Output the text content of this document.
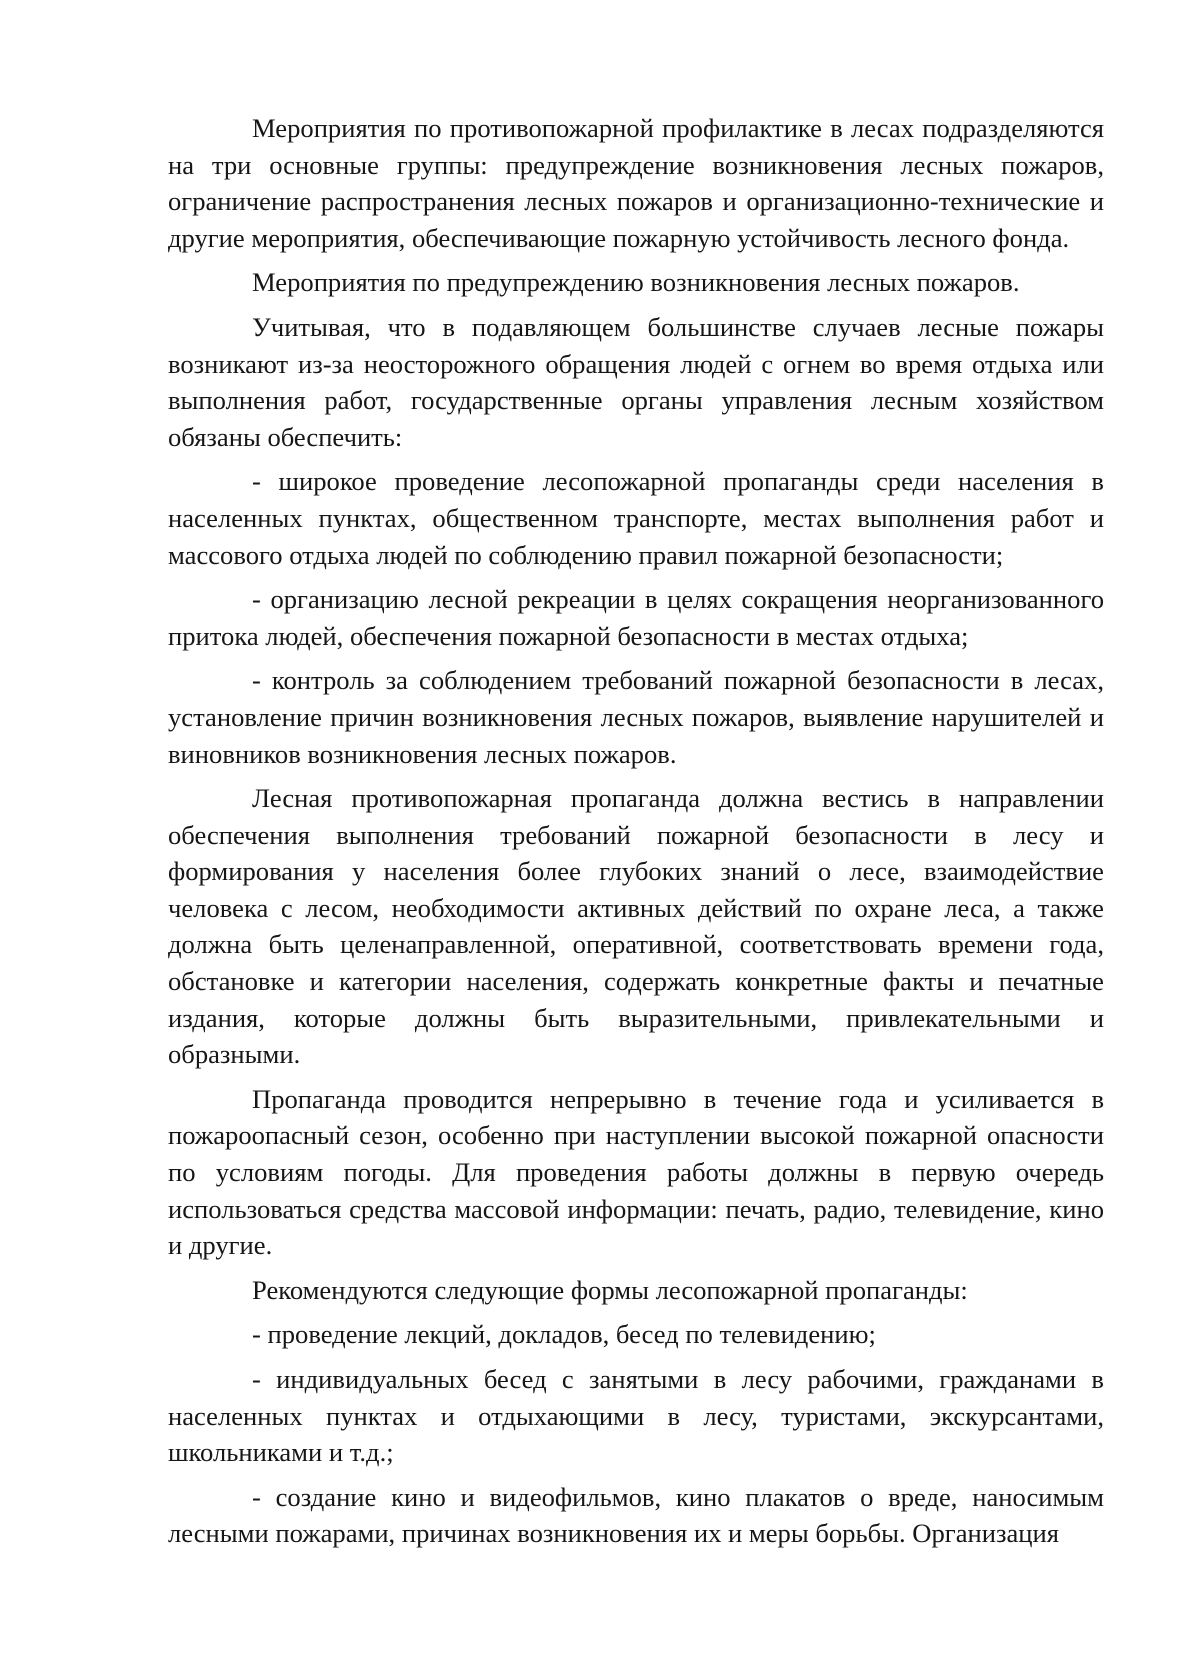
Мероприятия по противопожарной профилактике в лесах подразделяются на три основные группы: предупреждение возникновения лесных пожаров, ограничение распространения лесных пожаров и организационно-технические и другие мероприятия, обеспечивающие пожарную устойчивость лесного фонда.

Мероприятия по предупреждению возникновения лесных пожаров.

Учитывая, что в подавляющем большинстве случаев лесные пожары возникают из-за неосторожного обращения людей с огнем во время отдыха или выполнения работ, государственные органы управления лесным хозяйством обязаны обеспечить:

- широкое проведение лесопожарной пропаганды среди населения в населенных пунктах, общественном транспорте, местах выполнения работ и массового отдыха людей по соблюдению правил пожарной безопасности;

- организацию лесной рекреации в целях сокращения неорганизованного притока людей, обеспечения пожарной безопасности в местах отдыха;

- контроль за соблюдением требований пожарной безопасности в лесах, установление причин возникновения лесных пожаров, выявление нарушителей и виновников возникновения лесных пожаров.

Лесная противопожарная пропаганда должна вестись в направлении обеспечения выполнения требований пожарной безопасности в лесу и формирования у населения более глубоких знаний о лесе, взаимодействие человека с лесом, необходимости активных действий по охране леса, а также должна быть целенаправленной, оперативной, соответствовать времени года, обстановке и категории населения, содержать конкретные факты и печатные издания, которые должны быть выразительными, привлекательными и образными.

Пропаганда проводится непрерывно в течение года и усиливается в пожароопасный сезон, особенно при наступлении высокой пожарной опасности по условиям погоды. Для проведения работы должны в первую очередь использоваться средства массовой информации: печать, радио, телевидение, кино и другие.

Рекомендуются следующие формы лесопожарной пропаганды:

- проведение лекций, докладов, бесед по телевидению;

- индивидуальных бесед с занятыми в лесу рабочими, гражданами в населенных пунктах и отдыхающими в лесу, туристами, экскурсантами, школьниками и т.д.;

- создание кино и видеофильмов, кино плакатов о вреде, наносимым лесными пожарами, причинах возникновения их и меры борьбы. Организация
